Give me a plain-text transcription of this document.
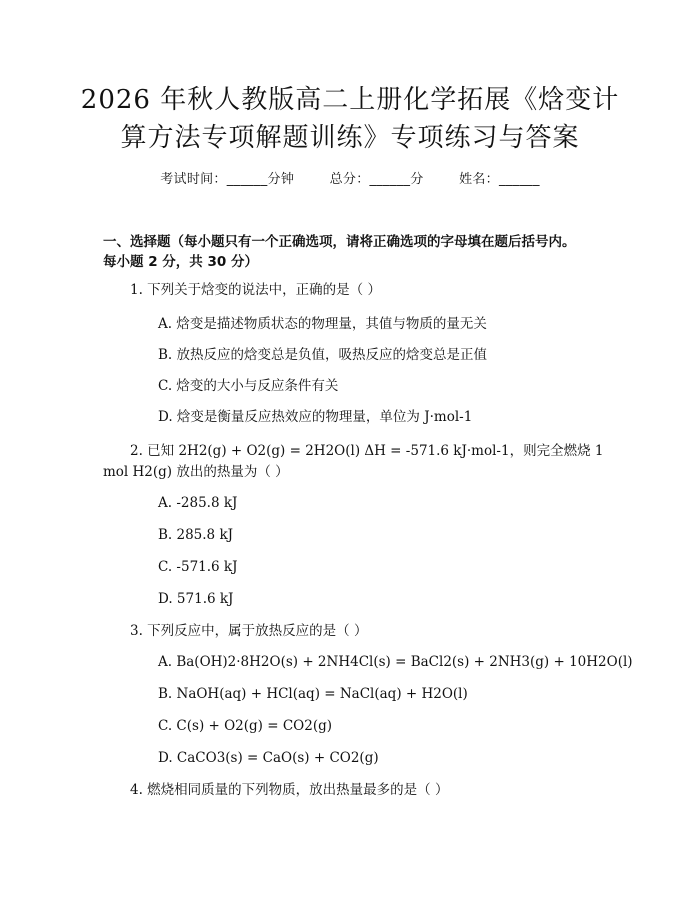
2026 年秋人教版高二上册化学拓展《焓变计
算方法专项解题训练》专项练习与答案
考试时间：______分钟	总分：______分	姓名：______
一、选择题（每小题只有一个正确选项，请将正确选项的字母填在题后括号内。
每小题 2 分，共 30 分）
1. 下列关于焓变的说法中，正确的是（ ）
A. 焓变是描述物质状态的物理量，其值与物质的量无关
B. 放热反应的焓变总是负值，吸热反应的焓变总是正值
C. 焓变的大小与反应条件有关
D. 焓变是衡量反应热效应的物理量，单位为 J·mol-1
2. 已知 2H2(g) + O2(g) = 2H2O(l) ΔH = -571.6 kJ·mol-1，则完全燃烧 1
mol H2(g) 放出的热量为（ ）
A. -285.8 kJ
B. 285.8 kJ
C. -571.6 kJ
D. 571.6 kJ
3. 下列反应中，属于放热反应的是（ ）
A. Ba(OH)2·8H2O(s) + 2NH4Cl(s) = BaCl2(s) + 2NH3(g) + 10H2O(l)
B. NaOH(aq) + HCl(aq) = NaCl(aq) + H2O(l)
C. C(s) + O2(g) = CO2(g)
D. CaCO3(s) = CaO(s) + CO2(g)
4. 燃烧相同质量的下列物质，放出热量最多的是（ ）
